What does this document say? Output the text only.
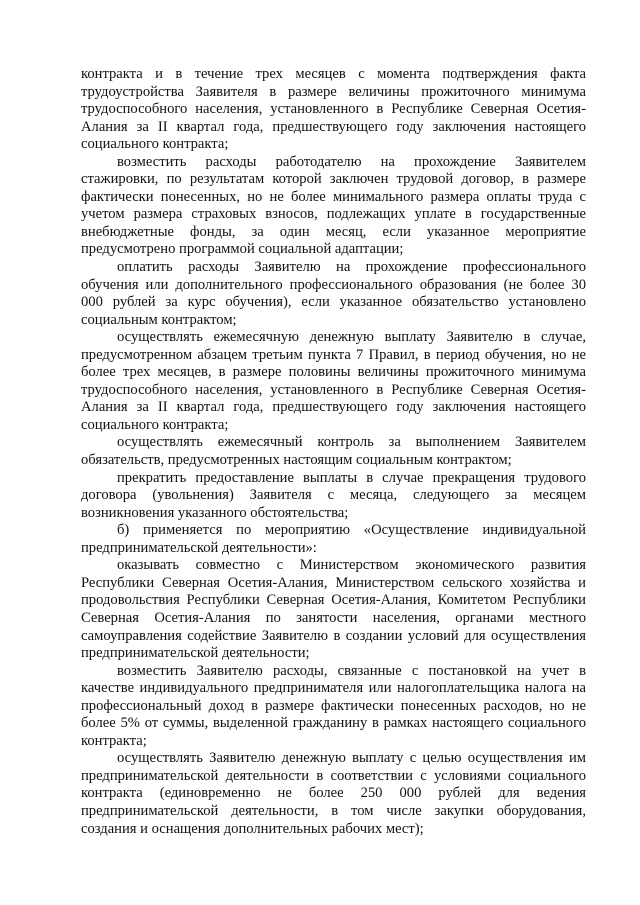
контракта и в течение трех месяцев с момента подтверждения факта трудоустройства Заявителя в размере величины прожиточного минимума трудоспособного населения, установленного в Республике Северная Осетия-Алания за II квартал года, предшествующего году заключения настоящего социального контракта;

возместить расходы работодателю на прохождение Заявителем стажировки, по результатам которой заключен трудовой договор, в размере фактически понесенных, но не более минимального размера оплаты труда с учетом размера страховых взносов, подлежащих уплате в государственные внебюджетные фонды, за один месяц, если указанное мероприятие предусмотрено программой социальной адаптации;

оплатить расходы Заявителю на прохождение профессионального обучения или дополнительного профессионального образования (не более 30 000 рублей за курс обучения), если указанное обязательство установлено социальным контрактом;

осуществлять ежемесячную денежную выплату Заявителю в случае, предусмотренном абзацем третьим пункта 7 Правил, в период обучения, но не более трех месяцев, в размере половины величины прожиточного минимума трудоспособного населения, установленного в Республике Северная Осетия-Алания за II квартал года, предшествующего году заключения настоящего социального контракта;

осуществлять ежемесячный контроль за выполнением Заявителем обязательств, предусмотренных настоящим социальным контрактом;

прекратить предоставление выплаты в случае прекращения трудового договора (увольнения) Заявителя с месяца, следующего за месяцем возникновения указанного обстоятельства;

б) применяется по мероприятию «Осуществление индивидуальной предпринимательской деятельности»:

оказывать совместно с Министерством экономического развития Республики Северная Осетия-Алания, Министерством сельского хозяйства и продовольствия Республики Северная Осетия-Алания, Комитетом Республики Северная Осетия-Алания по занятости населения, органами местного самоуправления содействие Заявителю в создании условий для осуществления предпринимательской деятельности;

возместить Заявителю расходы, связанные с постановкой на учет в качестве индивидуального предпринимателя или налогоплательщика налога на профессиональный доход в размере фактически понесенных расходов, но не более 5% от суммы, выделенной гражданину в рамках настоящего социального контракта;

осуществлять Заявителю денежную выплату с целью осуществления им предпринимательской деятельности в соответствии с условиями социального контракта (единовременно не более 250 000 рублей для ведения предпринимательской деятельности, в том числе закупки оборудования, создания и оснащения дополнительных рабочих мест);
